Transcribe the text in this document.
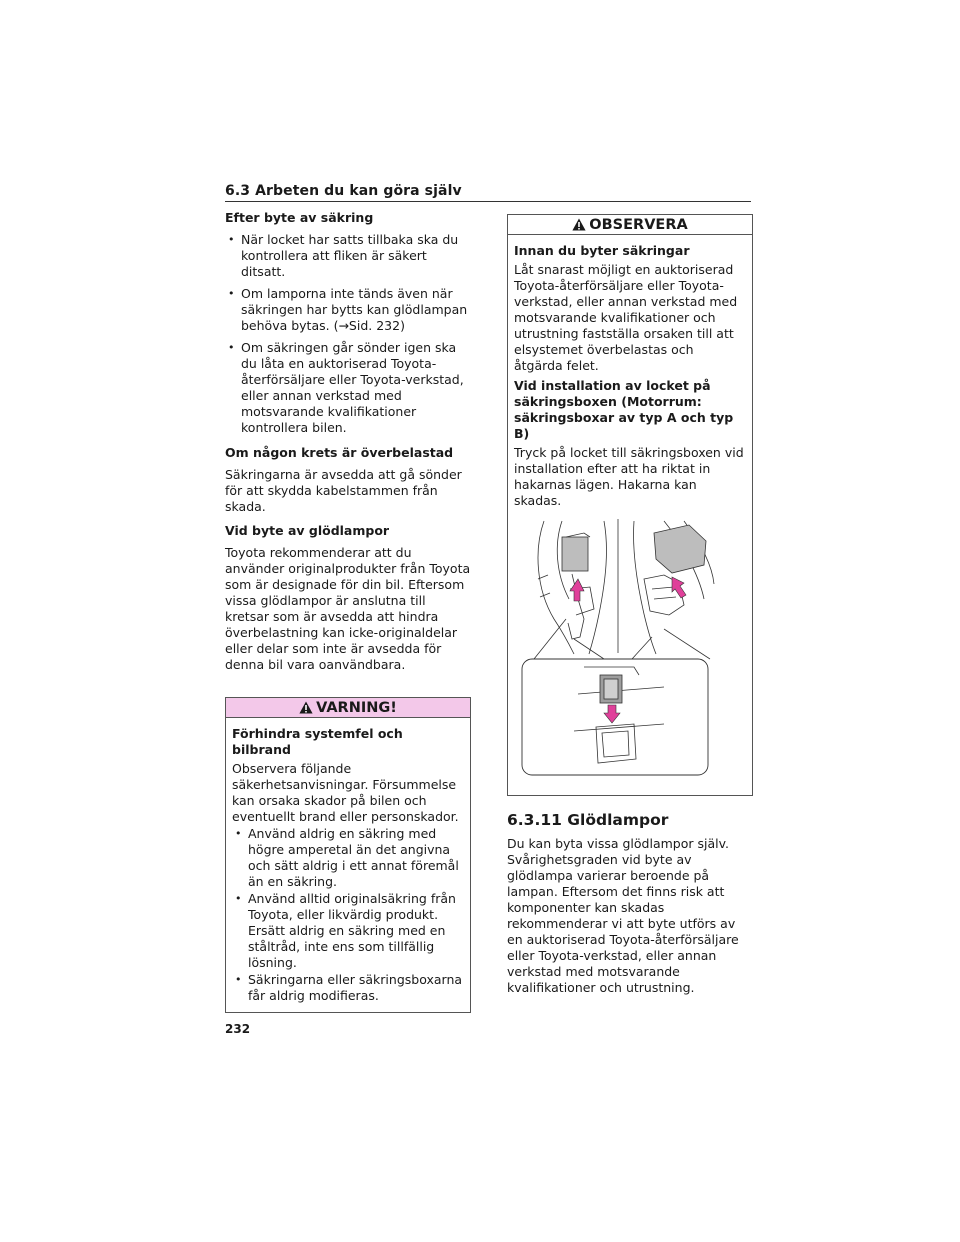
6.3 Arbeten du kan göra själv
Efter byte av säkring
• När locket har satts tillbaka ska du kontrollera att fliken är säkert ditsatt.
• Om lamporna inte tänds även när säkringen har bytts kan glödlampan behöva bytas. (→Sid. 232)
• Om säkringen går sönder igen ska du låta en auktoriserad Toyota-återförsäljare eller Toyota-verkstad, eller annan verkstad med motsvarande kvalifikationer kontrollera bilen.
Om någon krets är överbelastad

Säkringarna är avsedda att gå sönder för att skydda kabelstammen från skada.

Vid byte av glödlampor

Toyota rekommenderar att du använder originalprodukter från Toyota som är designade för din bil. Eftersom vissa glödlampor är anslutna till kretsar som är avsedda att hindra överbelastning kan icke-originaldelar eller delar som inte är avsedda för denna bil vara oanvändbara.

VARNING!
Förhindra systemfel och bilbrand

Observera följande säkerhetsanvisningar. Försummelse kan orsaka skador på bilen och eventuellt brand eller personskador.

• Använd aldrig en säkring med högre amperetal än det angivna och sätt aldrig i ett annat föremål än en säkring.
• Använd alltid originalsäkring från Toyota, eller likvärdig produkt. Ersätt aldrig en säkring med en ståltråd, inte ens som tillfällig lösning.
• Säkringarna eller säkringsboxarna får aldrig modifieras.
OBSERVERA
Innan du byter säkringar

Låt snarast möjligt en auktoriserad Toyota-återförsäljare eller Toyota-verkstad, eller annan verkstad med motsvarande kvalifikationer och utrustning fastställa orsaken till att elsystemet överbelastas och åtgärda felet.

Vid installation av locket på säkringsboxen (Motorrum: säkringsboxar av typ A och typ B)

Tryck på locket till säkringsboxen vid installation efter att ha riktat in hakarnas lägen. Hakarna kan skadas.

6.3.11 Glödlampor

Du kan byta vissa glödlampor själv. Svårighetsgraden vid byte av glödlampa varierar beroende på lampan. Eftersom det finns risk att komponenter kan skadas rekommenderar vi att byte utförs av en auktoriserad Toyota-återförsäljare eller Toyota-verkstad, eller annan verkstad med motsvarande kvalifikationer och utrustning.

232
